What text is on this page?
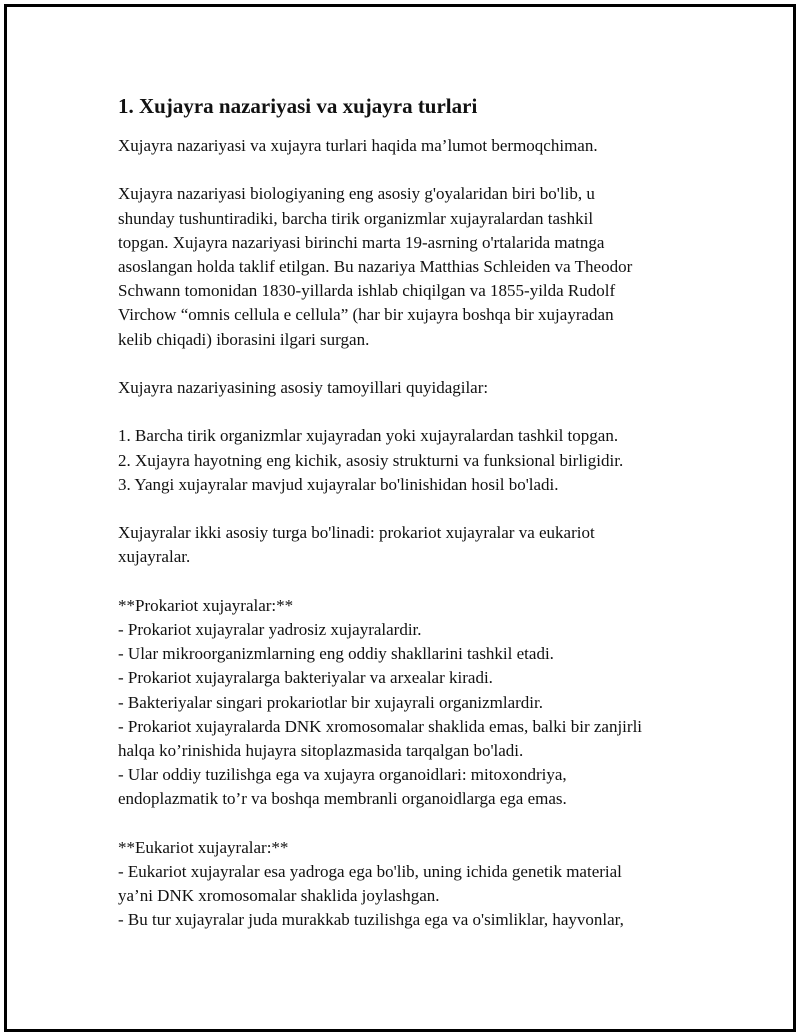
1. Xujayra nazariyasi va xujayra turlari

Xujayra nazariyasi va xujayra turlari haqida ma’lumot bermoqchiman.

Xujayra nazariyasi biologiyaning eng asosiy g'oyalaridan biri bo'lib, u

shunday tushuntiradiki, barcha tirik organizmlar xujayralardan tashkil

topgan. Xujayra nazariyasi birinchi marta 19-asrning o'rtalarida matnga

asoslangan holda taklif etilgan. Bu nazariya Matthias Schleiden va Theodor

Schwann tomonidan 1830-yillarda ishlab chiqilgan va 1855-yilda Rudolf

Virchow “omnis cellula e cellula” (har bir xujayra boshqa bir xujayradan

kelib chiqadi) iborasini ilgari surgan.

Xujayra nazariyasining asosiy tamoyillari quyidagilar:

1. Barcha tirik organizmlar xujayradan yoki xujayralardan tashkil topgan.

2. Xujayra hayotning eng kichik, asosiy strukturni va funksional birligidir.

3. Yangi xujayralar mavjud xujayralar bo'linishidan hosil bo'ladi.

Xujayralar ikki asosiy turga bo'linadi: prokariot xujayralar va eukariot

xujayralar.

**Prokariot xujayralar:**

- Prokariot xujayralar yadrosiz xujayralardir.

- Ular mikroorganizmlarning eng oddiy shakllarini tashkil etadi.

- Prokariot xujayralarga bakteriyalar va arxealar kiradi.

- Bakteriyalar singari prokariotlar bir xujayrali organizmlardir.

- Prokariot xujayralarda DNK xromosomalar shaklida emas, balki bir zanjirli

halqa ko’rinishida hujayra sitoplazmasida tarqalgan bo'ladi.

- Ular oddiy tuzilishga ega va xujayra organoidlari: mitoxondriya,

endoplazmatik to’r va boshqa membranli organoidlarga ega emas.

**Eukariot xujayralar:**

- Eukariot xujayralar esa yadroga ega bo'lib, uning ichida genetik material

ya’ni DNK xromosomalar shaklida joylashgan.

- Bu tur xujayralar juda murakkab tuzilishga ega va o'simliklar, hayvonlar,
